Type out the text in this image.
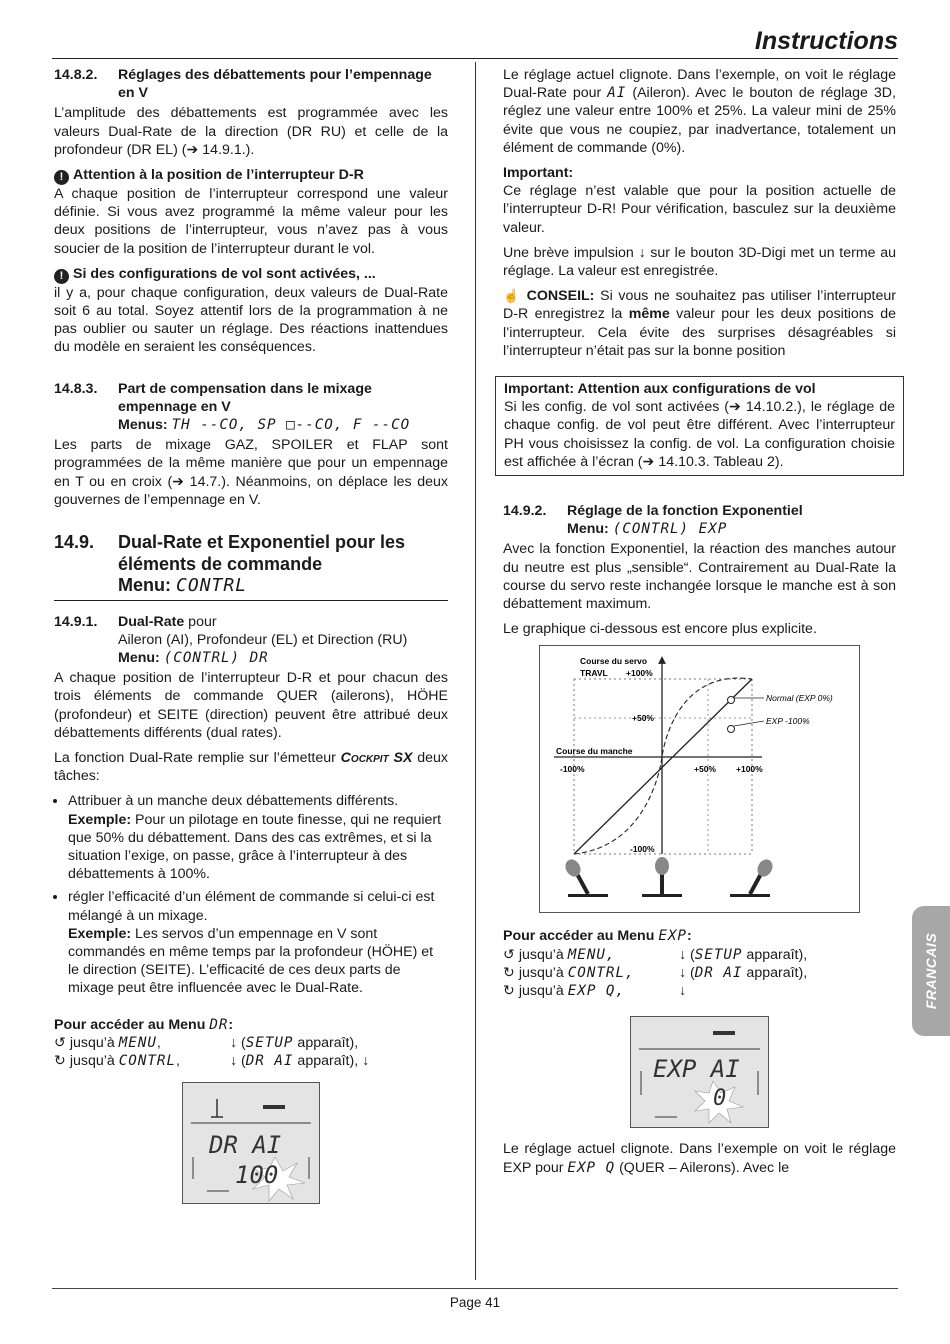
Instructions
Page 41
FRANCAIS
14.8.2.	Réglages des débattements pour l’empennage en V

L’amplitude des débattements est programmée avec les valeurs Dual-Rate de la direction (DR RU) et celle de la profondeur (DR EL) (➔ 14.9.1.).

! Attention à la position de l’interrupteur D-R

A chaque position de l’interrupteur correspond une valeur définie. Si vous avez programmé la même valeur pour les deux positions de l’interrupteur, vous n’avez pas à vous soucier de la position de l’interrupteur durant le vol.

! Si des configurations de vol sont activées, ...

il y a, pour chaque configuration, deux valeurs de Dual-Rate soit 6 au total. Soyez attentif lors de la programmation à ne pas oublier ou sauter un réglage. Des réactions inattendues du modèle en seraient les conséquences.

14.8.3.	Part de compensation dans le mixage empennage en V
Menus: TH --CO, SP □--CO, F --CO

Les parts de mixage GAZ, SPOILER et FLAP sont programmées de la même manière que pour un empennage en T ou en croix (➔ 14.7.). Néanmoins, on déplace les deux gouvernes de l’empennage en V.

14.9.	Dual-Rate et Exponentiel pour les éléments de commande
Menu: CONTRL
14.9.1.	Dual-Rate pour
Aileron (AI), Profondeur (EL) et Direction (RU)
Menu: (CONTRL) DR

A chaque position de l’interrupteur D-R et pour chacun des trois éléments de commande QUER (ailerons), HÖHE (profondeur) et SEITE (direction) peuvent être attribué deux débattements différents (dual rates).

La fonction Dual-Rate remplie sur l’émetteur Cockpit SX deux tâches:

• Attribuer à un manche deux débattements différents.
Exemple: Pour un pilotage en toute finesse, qui ne requiert que 50% du débattement. Dans des cas extrêmes, et si la situation l’exige, on passe, grâce à l’interrupteur à des débattements à 100%.
• régler l’efficacité d’un élément de commande si celui-ci est mélangé à un mixage.
Exemple: Les servos d’un empennage en V sont commandés en même temps par la profondeur (HÖHE) et le direction (SEITE). L’efficacité de ces deux parts de mixage peut être influencée avec le Dual-Rate.
Pour accéder au Menu DR:
↺ jusqu’à MENU,	↓ (SETUP apparaît),
↻ jusqu’à CONTRL,	↓ (DR AI apparaît), ↓
DR AI
100

Le réglage actuel clignote. Dans l’exemple, on voit le réglage Dual-Rate pour AI (Aileron). Avec le bouton de réglage 3D, réglez une valeur entre 100% et 25%. La valeur mini de 25% évite que vous ne coupiez, par inadvertance, totalement un élément de commande (0%).

Important:

Ce réglage n’est valable que pour la position actuelle de l’interrupteur D-R! Pour vérification, basculez sur la deuxième valeur.

Une brève impulsion ↓ sur le bouton 3D-Digi met un terme au réglage. La valeur est enregistrée.

☝ CONSEIL: Si vous ne souhaitez pas utiliser l’interrupteur D-R enregistrez la même valeur pour les deux positions de l’interrupteur. Cela évite des surprises désagréables si l’interrupteur n’était pas sur la bonne position

Important: Attention aux configurations de vol
Si les config. de vol sont activées (➔ 14.10.2.), le réglage de chaque config. de vol peut être différent. Avec l’interrupteur PH vous choisissez la config. de vol. La configuration choisie est affichée à l’écran (➔ 14.10.3. Tableau 2).
14.9.2.	Réglage de la fonction Exponentiel
Menu: (CONTRL) EXP

Avec la fonction Exponentiel, la réaction des manches autour du neutre est plus „sensible“. Contrairement au Dual-Rate la course du servo reste inchangée lorsque le manche est à son débattement maximum.

Le graphique ci-dessous est encore plus explicite.

Course du servo
TRAVL +100%
+50%
Course du manche
-100%	+50% +100%
-100%
Normal (EXP 0%)
EXP -100%
Pour accéder au Menu EXP:
↺ jusqu’à MENU,	↓ (SETUP apparaît),
↻ jusqu’à CONTRL,	↓ (DR AI apparaît),
↻ jusqu’à EXP Q,	↓
EXP AI
0

Le réglage actuel clignote. Dans l’exemple on voit le réglage EXP pour EXP Q (QUER – Ailerons). Avec le
